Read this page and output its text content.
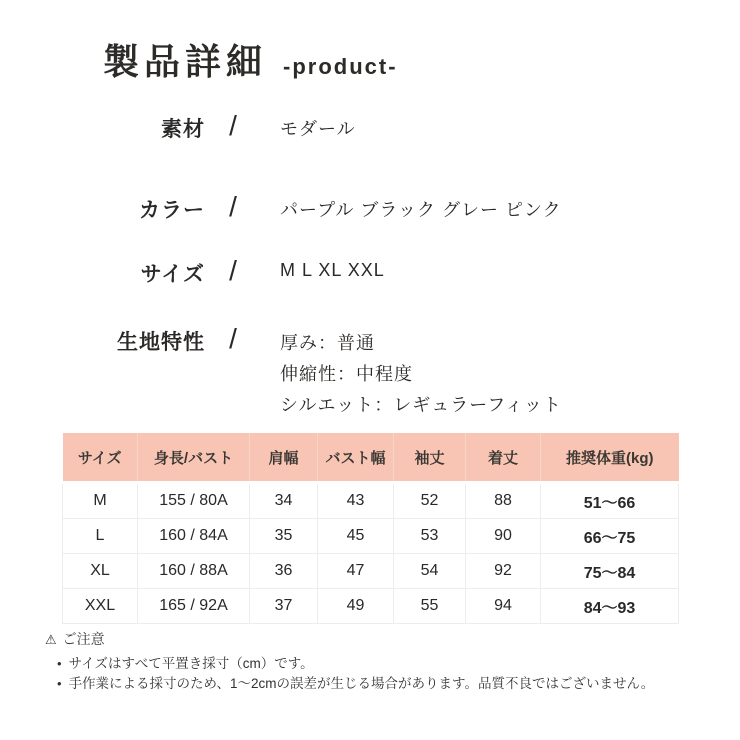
製品詳細 -product-
素材 /	モダール
カラー /	パープル ブラック グレー ピンク
サイズ /	M L XL XXL
生地特性 /	厚み：普通
伸縮性：中程度
シルエット：レギュラーフィット
サイズ	身長/バスト	肩幅	バスト幅	袖丈	着丈	推奨体重(kg)
M	155 / 80A	34	43	52	88	51〜66
L	160 / 84A	35	45	53	90	66〜75
XL	160 / 88A	36	47	54	92	75〜84
XXL	165 / 92A	37	49	55	94	84〜93
⚠ ご注意
• サイズはすべて平置き採寸（cm）です。
• 手作業による採寸のため、1〜2cmの誤差が生じる場合があります。品質不良ではございません。
